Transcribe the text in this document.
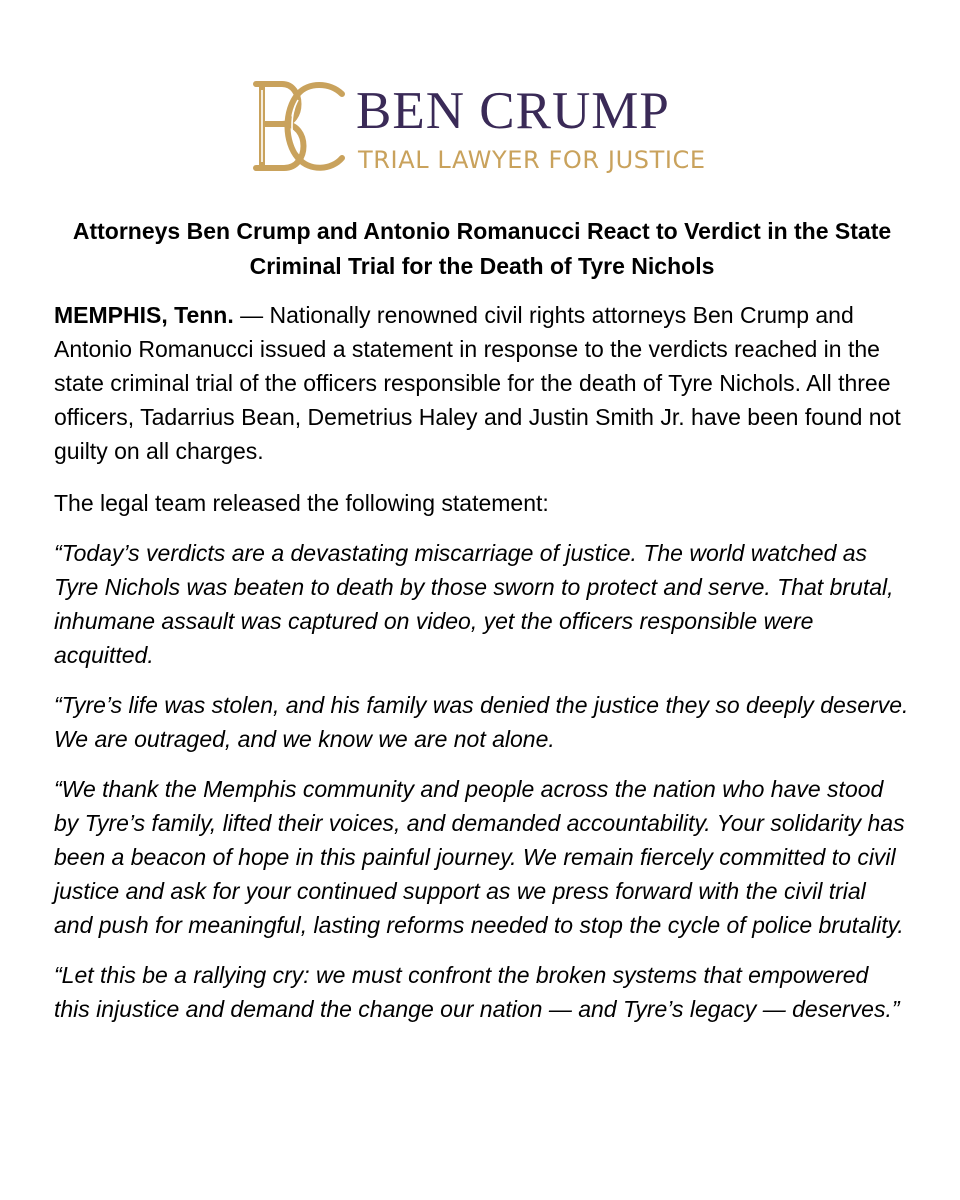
BEN CRUMP
TRIAL LAWYER FOR JUSTICE
Attorneys Ben Crump and Antonio Romanucci React to Verdict in the State Criminal Trial for the Death of Tyre Nichols

MEMPHIS, Tenn. — Nationally renowned civil rights attorneys Ben Crump and Antonio Romanucci issued a statement in response to the verdicts reached in the state criminal trial of the officers responsible for the death of Tyre Nichols. All three officers, Tadarrius Bean, Demetrius Haley and Justin Smith Jr. have been found not guilty on all charges.

The legal team released the following statement:

“Today’s verdicts are a devastating miscarriage of justice. The world watched as Tyre Nichols was beaten to death by those sworn to protect and serve. That brutal, inhumane assault was captured on video, yet the officers responsible were acquitted.

“Tyre’s life was stolen, and his family was denied the justice they so deeply deserve. We are outraged, and we know we are not alone.

“We thank the Memphis community and people across the nation who have stood by Tyre’s family, lifted their voices, and demanded accountability. Your solidarity has been a beacon of hope in this painful journey. We remain fiercely committed to civil justice and ask for your continued support as we press forward with the civil trial and push for meaningful, lasting reforms needed to stop the cycle of police brutality.

“Let this be a rallying cry: we must confront the broken systems that empowered this injustice and demand the change our nation — and Tyre’s legacy — deserves.”
